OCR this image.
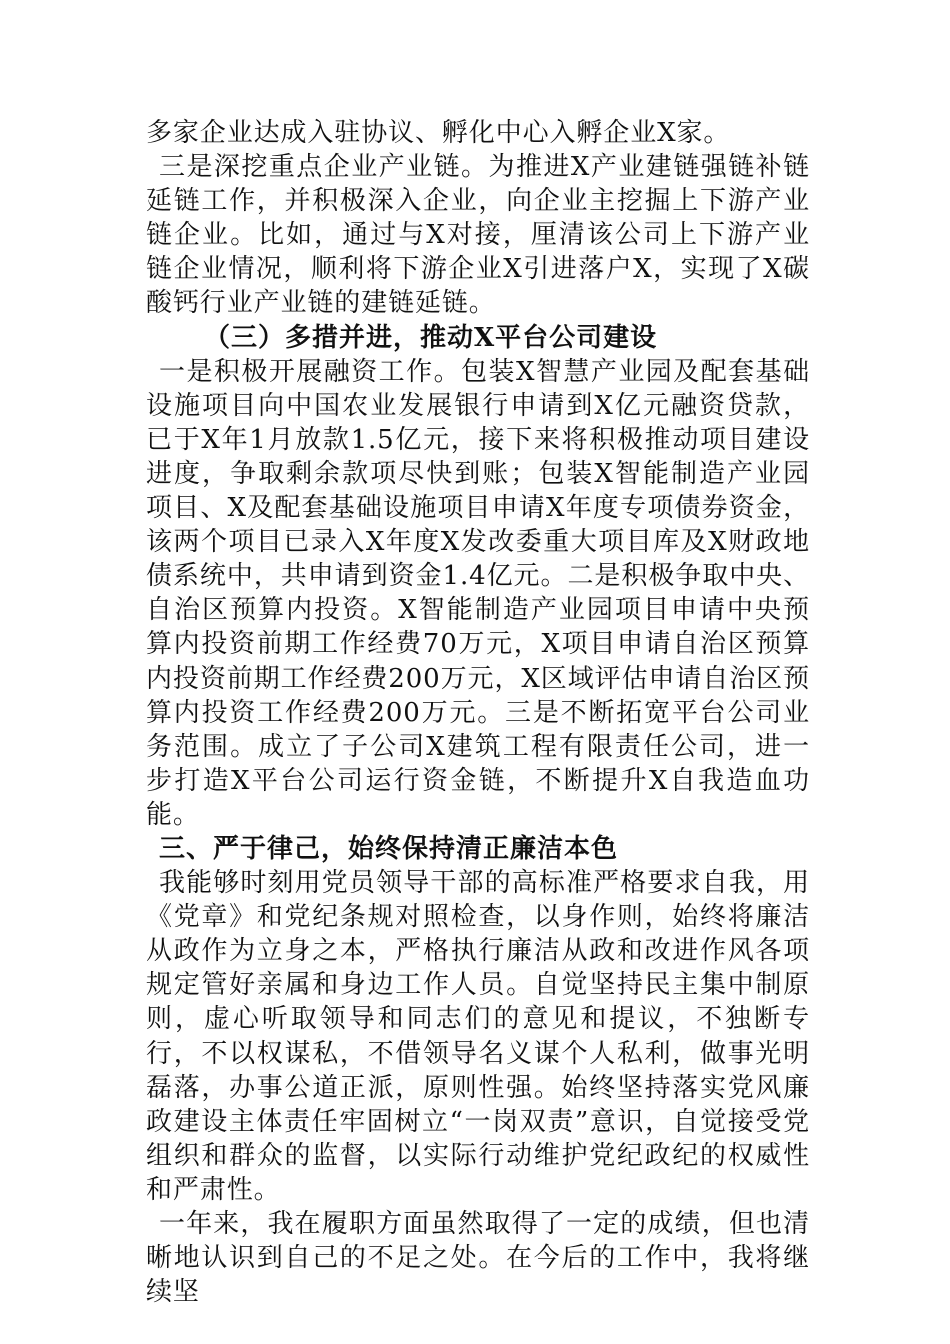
多家企业达成入驻协议、孵化中心入孵企业X家。

三是深挖重点企业产业链。为推进X产业建链强链补链延链工作，并积极深入企业，向企业主挖掘上下游产业链企业。比如，通过与X对接，厘清该公司上下游产业链企业情况，顺利将下游企业X引进落户X，实现了X碳酸钙行业产业链的建链延链。

（三）多措并进，推动X平台公司建设

一是积极开展融资工作。包装X智慧产业园及配套基础设施项目向中国农业发展银行申请到X亿元融资贷款，已于X年1月放款1.5亿元，接下来将积极推动项目建设进度，争取剩余款项尽快到账；包装X智能制造产业园项目、X及配套基础设施项目申请X年度专项债券资金，该两个项目已录入X年度X发改委重大项目库及X财政地债系统中，共申请到资金1.4亿元。二是积极争取中央、自治区预算内投资。X智能制造产业园项目申请中央预算内投资前期工作经费70万元，X项目申请自治区预算内投资前期工作经费200万元，X区域评估申请自治区预算内投资工作经费200万元。三是不断拓宽平台公司业务范围。成立了子公司X建筑工程有限责任公司，进一步打造X平台公司运行资金链，不断提升X自我造血功能。

三、严于律己，始终保持清正廉洁本色

我能够时刻用党员领导干部的高标准严格要求自我，用《党章》和党纪条规对照检查，以身作则，始终将廉洁从政作为立身之本，严格执行廉洁从政和改进作风各项规定管好亲属和身边工作人员。自觉坚持民主集中制原则，虚心听取领导和同志们的意见和提议，不独断专行，不以权谋私，不借领导名义谋个人私利，做事光明磊落，办事公道正派，原则性强。始终坚持落实党风廉政建设主体责任牢固树立“一岗双责”意识，自觉接受党组织和群众的监督，以实际行动维护党纪政纪的权威性和严肃性。

一年来，我在履职方面虽然取得了一定的成绩，但也清晰地认识到自己的不足之处。在今后的工作中，我将继续坚
